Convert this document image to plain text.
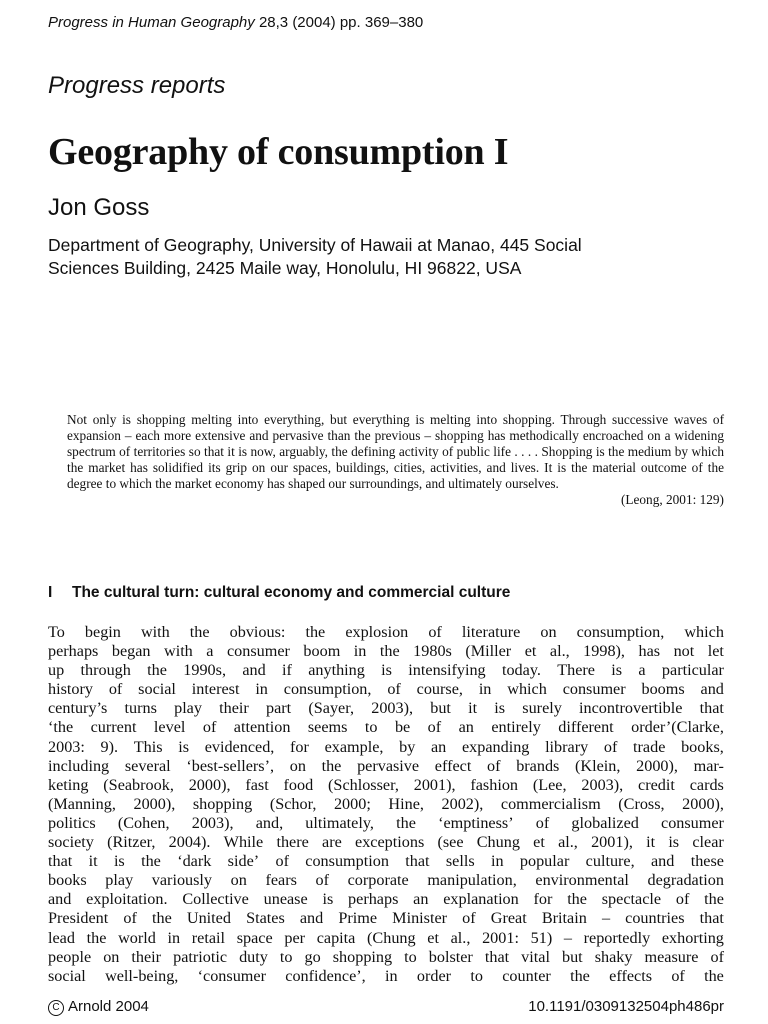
Progress in Human Geography 28,3 (2004) pp. 369–380
Progress reports
Geography of consumption I
Jon Goss
Department of Geography, University of Hawaii at Manao, 445 Social
Sciences Building, 2425 Maile way, Honolulu, HI 96822, USA
Not only is shopping melting into everything, but everything is melting into shopping. Through successive waves of expansion – each more extensive and pervasive than the previous – shopping has methodically encroached on a widening spectrum of territories so that it is now, arguably, the defining activity of public life . . . . Shopping is the medium by which the market has solidified its grip on our spaces, buildings, cities, activities, and lives. It is the material outcome of the degree to which the market economy has shaped our surroundings, and ultimately ourselves.
(Leong, 2001: 129)
I The cultural turn: cultural economy and commercial culture
To begin with the obvious: the explosion of literature on consumption, which
perhaps began with a consumer boom in the 1980s (Miller et al., 1998), has not let
up through the 1990s, and if anything is intensifying today. There is a particular
history of social interest in consumption, of course, in which consumer booms and
century’s turns play their part (Sayer, 2003), but it is surely incontrovertible that
‘the current level of attention seems to be of an entirely different order’(Clarke,
2003: 9). This is evidenced, for example, by an expanding library of trade books,
including several ‘best-sellers’, on the pervasive effect of brands (Klein, 2000), mar-
keting (Seabrook, 2000), fast food (Schlosser, 2001), fashion (Lee, 2003), credit cards
(Manning, 2000), shopping (Schor, 2000; Hine, 2002), commercialism (Cross, 2000),
politics (Cohen, 2003), and, ultimately, the ‘emptiness’ of globalized consumer
society (Ritzer, 2004). While there are exceptions (see Chung et al., 2001), it is clear
that it is the ‘dark side’ of consumption that sells in popular culture, and these
books play variously on fears of corporate manipulation, environmental degradation
and exploitation. Collective unease is perhaps an explanation for the spectacle of the
President of the United States and Prime Minister of Great Britain – countries that
lead the world in retail space per capita (Chung et al., 2001: 51) – reportedly exhorting
people on their patriotic duty to go shopping to bolster that vital but shaky measure of
social well-being, ‘consumer confidence’, in order to counter the effects of the
C Arnold 2004	10.1191/0309132504ph486pr
